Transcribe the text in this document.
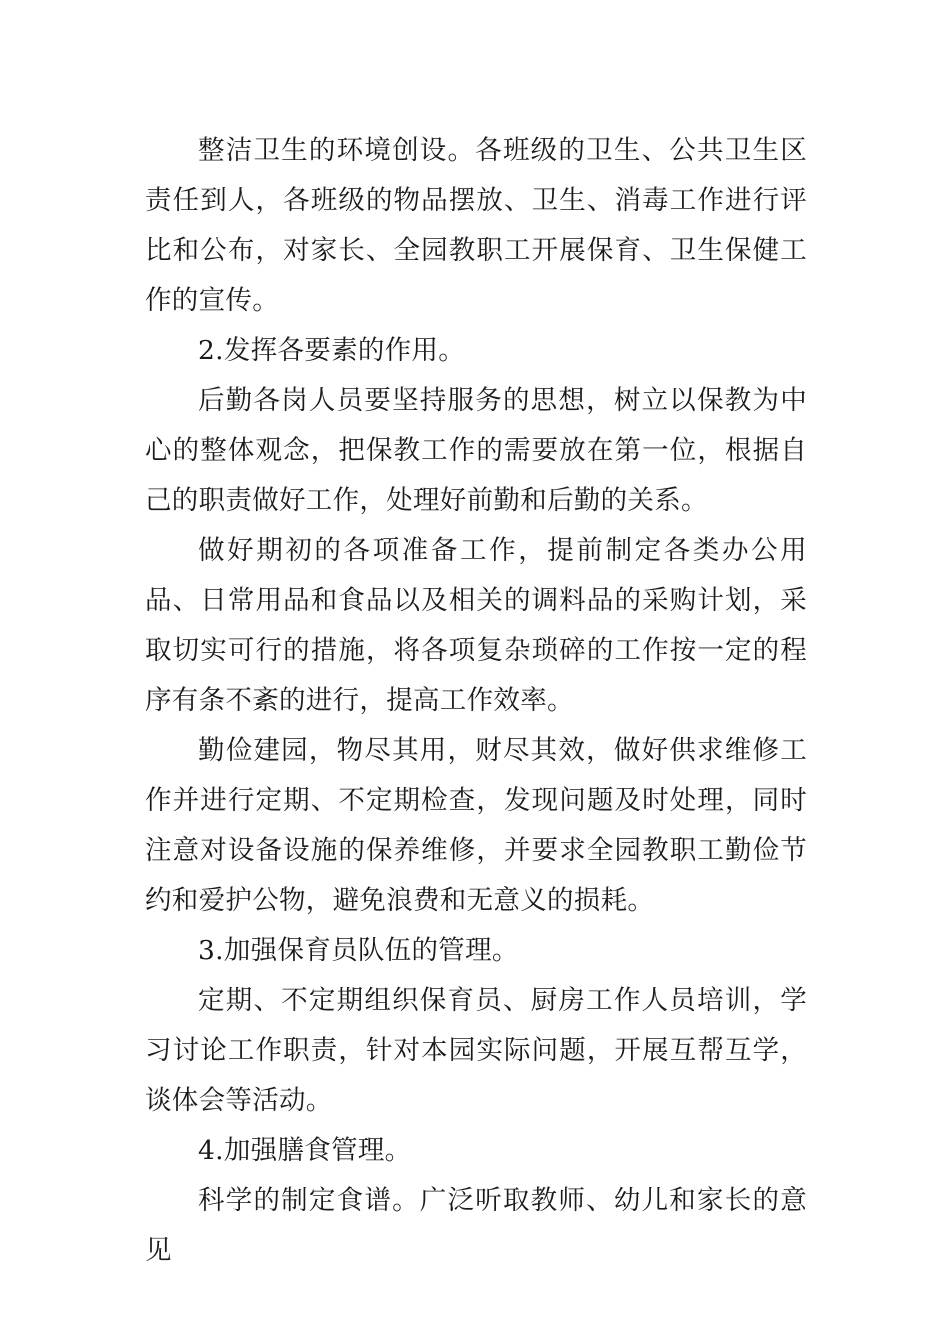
整洁卫生的环境创设。各班级的卫生、公共卫生区责任到人，各班级的物品摆放、卫生、消毒工作进行评比和公布，对家长、全园教职工开展保育、卫生保健工作的宣传。

2.发挥各要素的作用。

后勤各岗人员要坚持服务的思想，树立以保教为中心的整体观念，把保教工作的需要放在第一位，根据自己的职责做好工作，处理好前勤和后勤的关系。

做好期初的各项准备工作，提前制定各类办公用品、日常用品和食品以及相关的调料品的采购计划，采取切实可行的措施，将各项复杂琐碎的工作按一定的程序有条不紊的进行，提高工作效率。

勤俭建园，物尽其用，财尽其效，做好供求维修工作并进行定期、不定期检查，发现问题及时处理，同时注意对设备设施的保养维修，并要求全园教职工勤俭节约和爱护公物，避免浪费和无意义的损耗。

3.加强保育员队伍的管理。

定期、不定期组织保育员、厨房工作人员培训，学习讨论工作职责，针对本园实际问题，开展互帮互学，谈体会等活动。

4.加强膳食管理。

科学的制定食谱。广泛听取教师、幼儿和家长的意见
